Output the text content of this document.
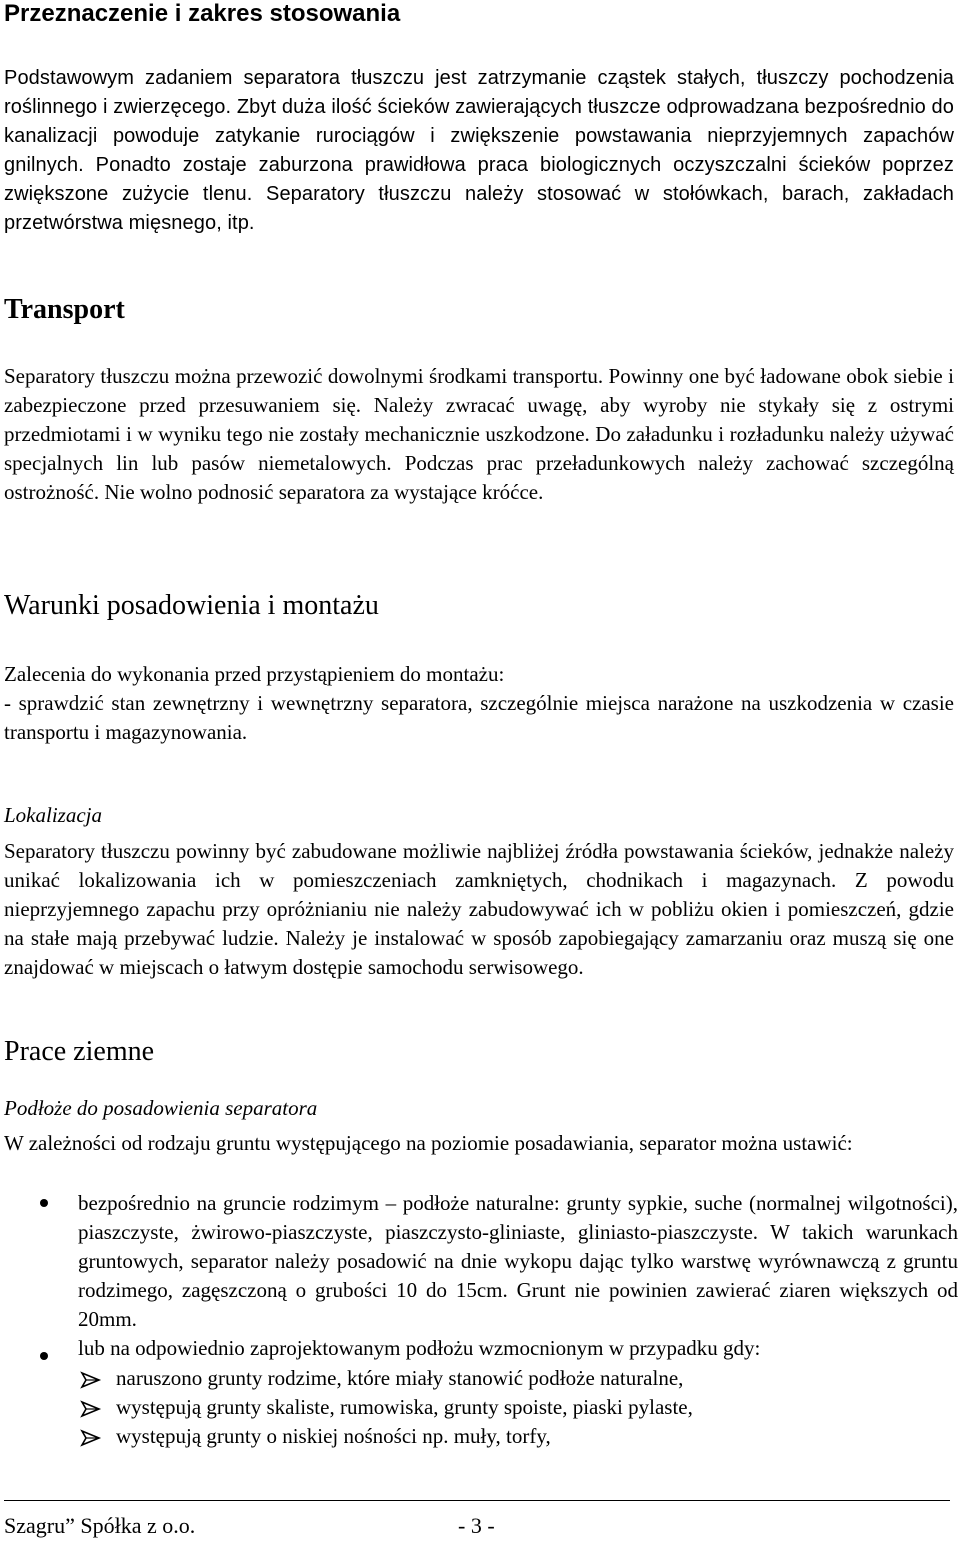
Przeznaczenie i zakres stosowania
Podstawowym zadaniem separatora tłuszczu jest zatrzymanie cząstek stałych, tłuszczy pochodzenia roślinnego i zwierzęcego. Zbyt duża ilość ścieków zawierających tłuszcze odprowadzana bezpośrednio do kanalizacji powoduje zatykanie rurociągów i zwiększenie powstawania nieprzyjemnych zapachów gnilnych. Ponadto zostaje zaburzona prawidłowa praca biologicznych oczyszczalni ścieków poprzez zwiększone zużycie tlenu. Separatory tłuszczu należy stosować w stołówkach, barach, zakładach przetwórstwa mięsnego, itp.
Transport
Separatory tłuszczu można przewozić dowolnymi środkami transportu. Powinny one być ładowane obok siebie i zabezpieczone przed przesuwaniem się. Należy zwracać uwagę, aby wyroby nie stykały się z ostrymi przedmiotami i w wyniku tego nie zostały mechanicznie uszkodzone. Do załadunku i rozładunku należy używać specjalnych lin lub pasów niemetalowych. Podczas prac przeładunkowych należy zachować szczególną ostrożność. Nie wolno podnosić separatora za wystające króćce.
Warunki posadowienia i montażu
Zalecenia do wykonania przed przystąpieniem do montażu:
- sprawdzić stan zewnętrzny i wewnętrzny separatora, szczególnie miejsca narażone na uszkodzenia w czasie transportu i magazynowania.
Lokalizacja
Separatory tłuszczu powinny być zabudowane możliwie najbliżej źródła powstawania ścieków, jednakże należy unikać lokalizowania ich w pomieszczeniach zamkniętych, chodnikach i magazynach. Z powodu nieprzyjemnego zapachu przy opróżnianiu nie należy zabudowywać ich w pobliżu okien i pomieszczeń, gdzie na stałe mają przebywać ludzie. Należy je instalować w sposób zapobiegający zamarzaniu oraz muszą się one znajdować w miejscach o łatwym dostępie samochodu serwisowego.
Prace ziemne
Podłoże do posadowienia separatora
W zależności od rodzaju gruntu występującego na poziomie posadawiania, separator można ustawić:
bezpośrednio na gruncie rodzimym – podłoże naturalne: grunty sypkie, suche (normalnej wilgotności), piaszczyste, żwirowo-piaszczyste, piaszczysto-gliniaste, gliniasto-piaszczyste. W takich warunkach gruntowych, separator należy posadowić na dnie wykopu dając tylko warstwę wyrównawczą z gruntu rodzimego, zagęszczoną o grubości 10 do 15cm. Grunt nie powinien zawierać ziaren większych od 20mm.
lub na odpowiednio zaprojektowanym podłożu wzmocnionym w przypadku gdy:
naruszono grunty rodzime, które miały stanowić podłoże naturalne,
występują grunty skaliste, rumowiska, grunty spoiste, piaski pylaste,
występują grunty o niskiej nośności np. muły, torfy,
Szagru” Spółka z o.o.	- 3 -
